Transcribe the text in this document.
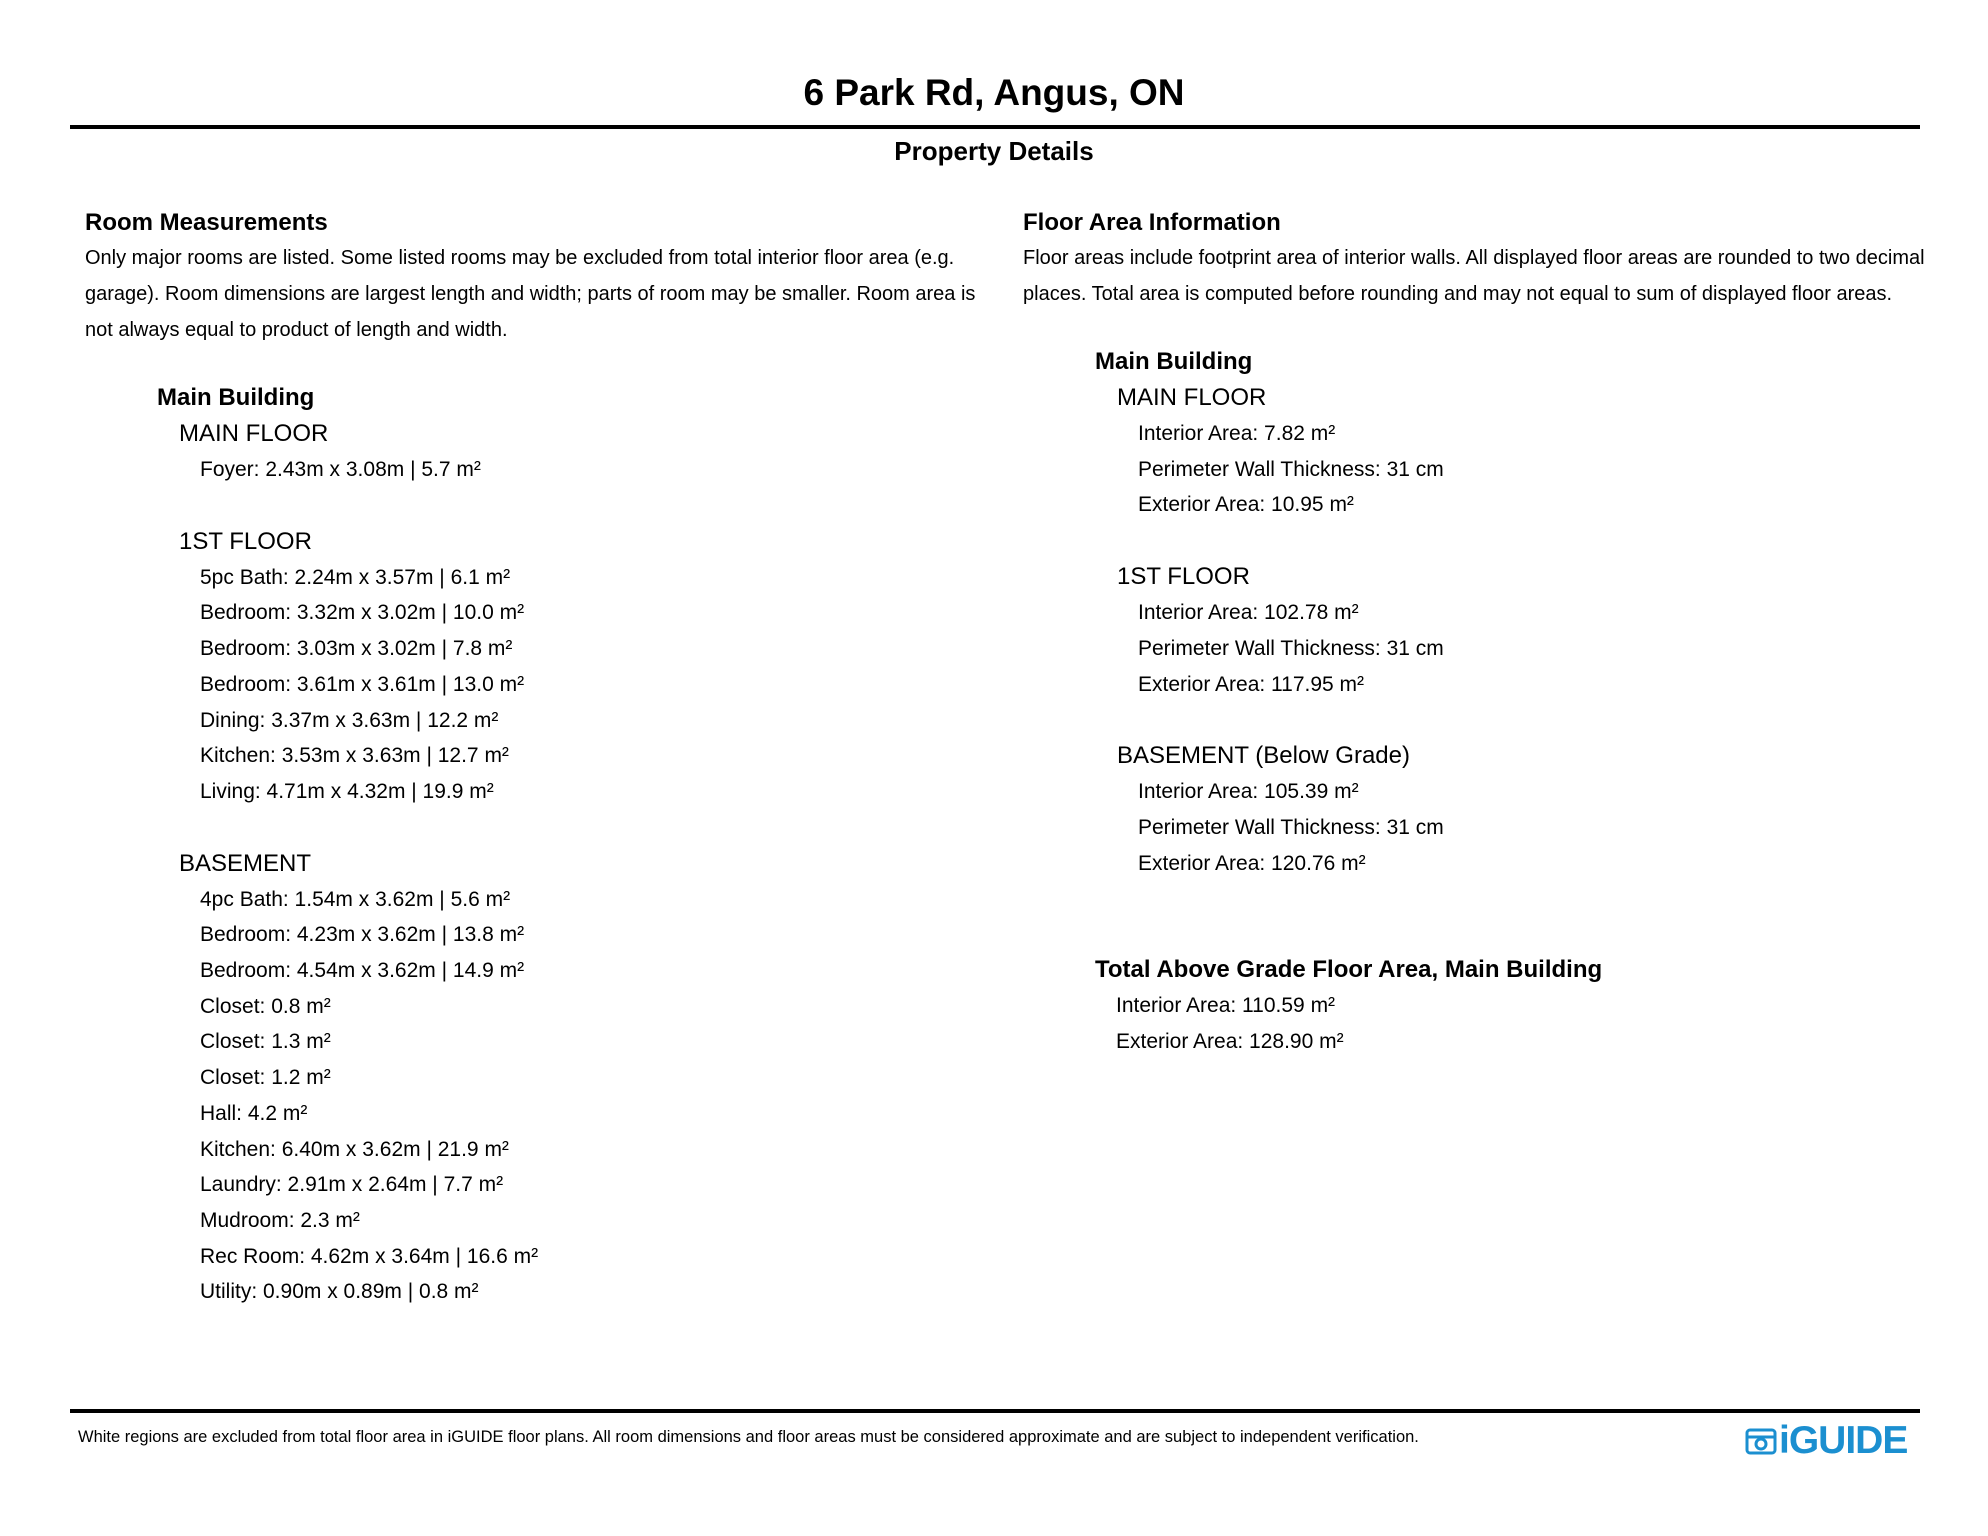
6 Park Rd, Angus, ON
Property Details
Room Measurements

Only major rooms are listed. Some listed rooms may be excluded from total interior floor area (e.g. garage). Room dimensions are largest length and width; parts of room may be smaller. Room area is not always equal to product of length and width.

Main Building
MAIN FLOOR
Foyer: 2.43m x 3.08m | 5.7 m²
1ST FLOOR
5pc Bath: 2.24m x 3.57m | 6.1 m²
Bedroom: 3.32m x 3.02m | 10.0 m²
Bedroom: 3.03m x 3.02m | 7.8 m²
Bedroom: 3.61m x 3.61m | 13.0 m²
Dining: 3.37m x 3.63m | 12.2 m²
Kitchen: 3.53m x 3.63m | 12.7 m²
Living: 4.71m x 4.32m | 19.9 m²
BASEMENT
4pc Bath: 1.54m x 3.62m | 5.6 m²
Bedroom: 4.23m x 3.62m | 13.8 m²
Bedroom: 4.54m x 3.62m | 14.9 m²
Closet: 0.8 m²
Closet: 1.3 m²
Closet: 1.2 m²
Hall: 4.2 m²
Kitchen: 6.40m x 3.62m | 21.9 m²
Laundry: 2.91m x 2.64m | 7.7 m²
Mudroom: 2.3 m²
Rec Room: 4.62m x 3.64m | 16.6 m²
Utility: 0.90m x 0.89m | 0.8 m²
Floor Area Information

Floor areas include footprint area of interior walls. All displayed floor areas are rounded to two decimal places. Total area is computed before rounding and may not equal to sum of displayed floor areas.

Main Building
MAIN FLOOR
Interior Area: 7.82 m²
Perimeter Wall Thickness: 31 cm
Exterior Area: 10.95 m²
1ST FLOOR
Interior Area: 102.78 m²
Perimeter Wall Thickness: 31 cm
Exterior Area: 117.95 m²
BASEMENT (Below Grade)
Interior Area: 105.39 m²
Perimeter Wall Thickness: 31 cm
Exterior Area: 120.76 m²
Total Above Grade Floor Area, Main Building
Interior Area: 110.59 m²
Exterior Area: 128.90 m²

White regions are excluded from total floor area in iGUIDE floor plans. All room dimensions and floor areas must be considered approximate and are subject to independent verification.	iGUIDE
